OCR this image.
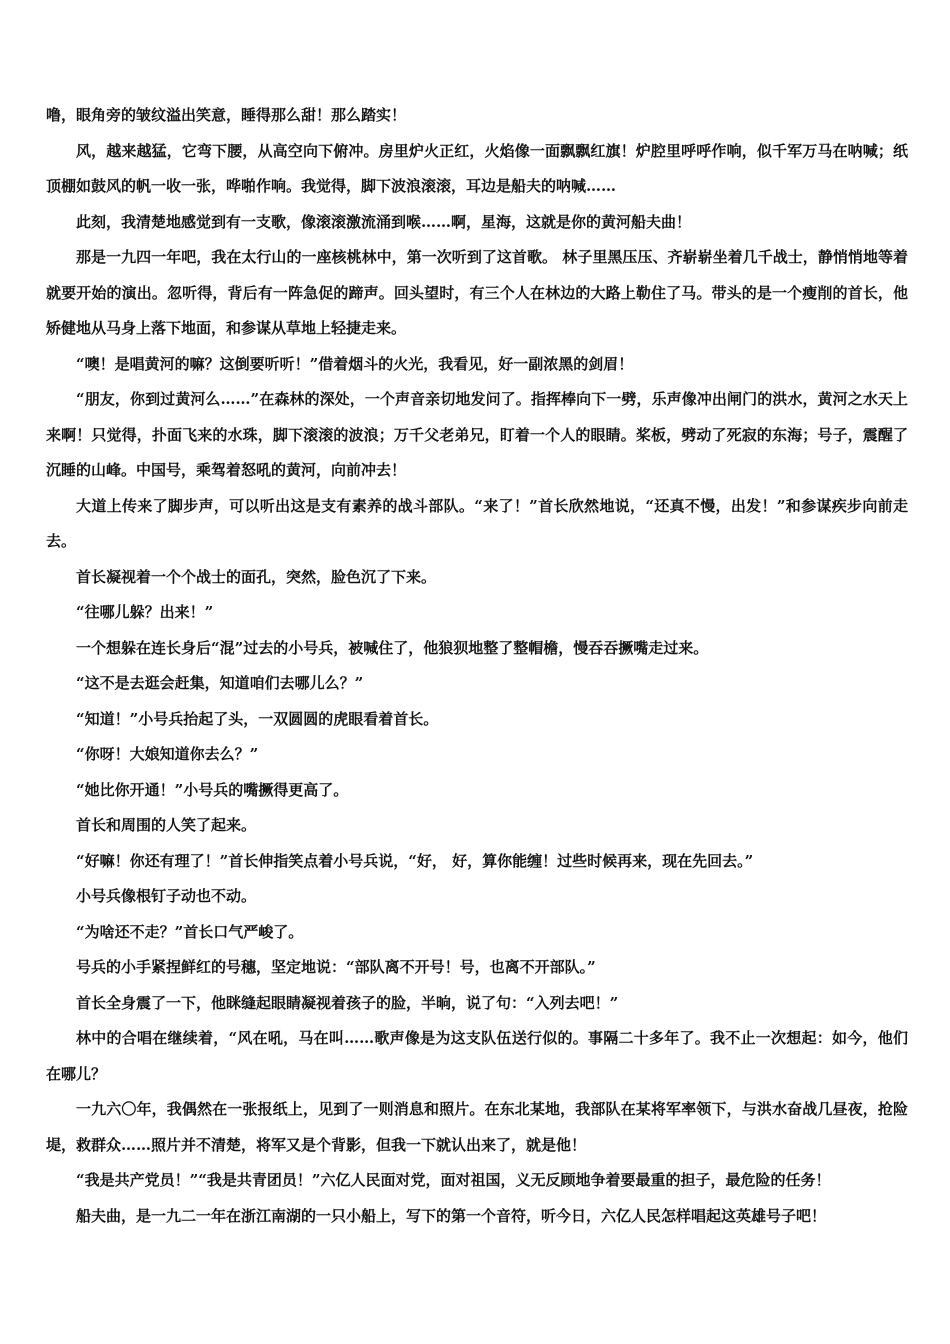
噜，眼角旁的皱纹溢出笑意，睡得那么甜！那么踏实！

风，越来越猛，它弯下腰，从高空向下俯冲。房里炉火正红，火焰像一面飘飘红旗！炉腔里呼呼作响，似千军万马在呐喊；纸顶棚如鼓风的帆一收一张，哗啪作响。我觉得，脚下波浪滚滚，耳边是船夫的呐喊……

此刻，我清楚地感觉到有一支歌，像滚滚激流涌到喉……啊，星海，这就是你的黄河船夫曲！

那是一九四一年吧，我在太行山的一座核桃林中，第一次听到了这首歌。 林子里黑压压、齐崭崭坐着几千战士，静悄悄地等着就要开始的演出。忽听得，背后有一阵急促的蹄声。回头望时，有三个人在林边的大路上勒住了马。带头的是一个瘦削的首长，他矫健地从马身上落下地面，和参谋从草地上轻捷走来。

“噢！是唱黄河的嘛？这倒要听听！”借着烟斗的火光，我看见，好一副浓黑的剑眉！

“朋友，你到过黄河么……”在森林的深处，一个声音亲切地发问了。指挥棒向下一劈，乐声像冲出闸门的洪水，黄河之水天上来啊！只觉得，扑面飞来的水珠，脚下滚滚的波浪；万千父老弟兄，盯着一个人的眼睛。桨板，劈动了死寂的东海；号子，震醒了沉睡的山峰。中国号，乘驾着怒吼的黄河，向前冲去！

大道上传来了脚步声，可以听出这是支有素养的战斗部队。“来了！”首长欣然地说，“还真不慢，出发！”和参谋疾步向前走去。

首长凝视着一个个战士的面孔，突然，脸色沉了下来。

“往哪儿躲？出来！”

一个想躲在连长身后“混”过去的小号兵，被喊住了，他狼狈地整了整帽檐，慢吞吞撅嘴走过来。

“这不是去逛会赶集，知道咱们去哪儿么？”

“知道！”小号兵抬起了头，一双圆圆的虎眼看着首长。

“你呀！大娘知道你去么？”

“她比你开通！”小号兵的嘴撅得更高了。

首长和周围的人笑了起来。

“好嘛！你还有理了！”首长伸指笑点着小号兵说，“好， 好，算你能缠！过些时候再来，现在先回去。”

小号兵像根钉子动也不动。

“为啥还不走？”首长口气严峻了。

号兵的小手紧捏鲜红的号穗，坚定地说：“部队离不开号！号，也离不开部队。”

首长全身震了一下，他眯缝起眼睛凝视着孩子的脸，半晌，说了句：“入列去吧！”

林中的合唱在继续着，“风在吼，马在叫……歌声像是为这支队伍送行似的。事隔二十多年了。我不止一次想起：如今，他们在哪儿？

一九六〇年，我偶然在一张报纸上，见到了一则消息和照片。在东北某地，我部队在某将军率领下，与洪水奋战几昼夜，抢险堤，救群众……照片并不清楚，将军又是个背影，但我一下就认出来了，就是他！

“我是共产党员！”“我是共青团员！”六亿人民面对党，面对祖国，义无反顾地争着要最重的担子，最危险的任务！

船夫曲，是一九二一年在浙江南湖的一只小船上，写下的第一个音符，听今日，六亿人民怎样唱起这英雄号子吧！
